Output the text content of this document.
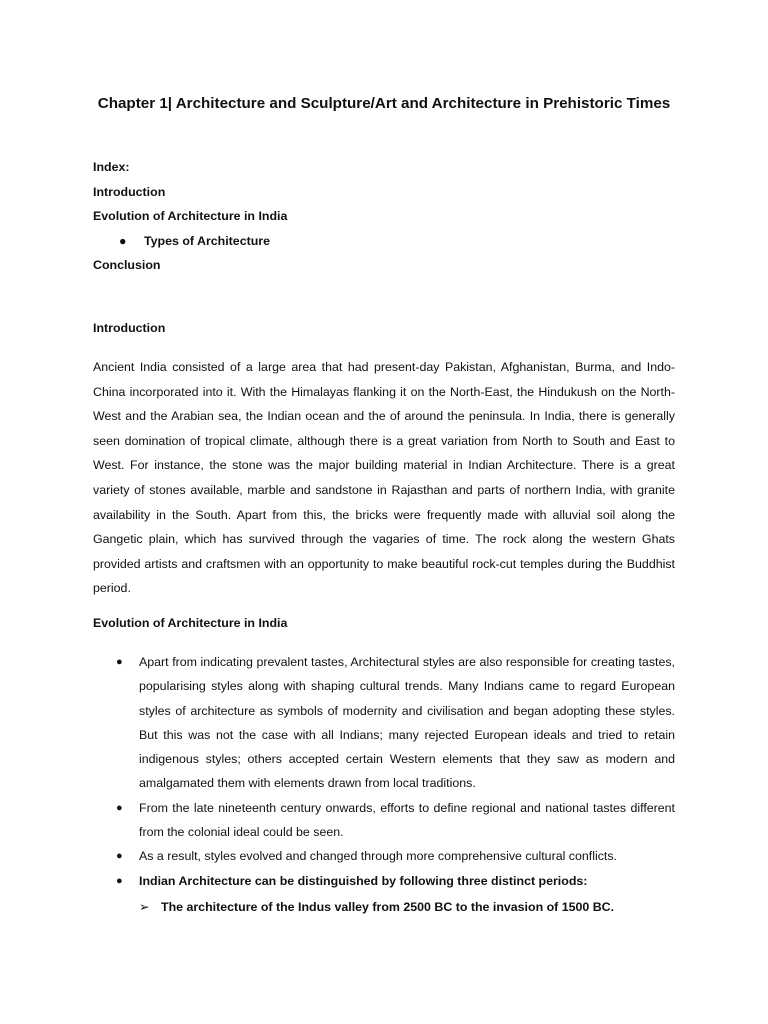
Chapter 1| Architecture and Sculpture/Art and Architecture in Prehistoric Times
Index:
Introduction
Evolution of Architecture in India
● Types of Architecture
Conclusion
Introduction

Ancient India consisted of a large area that had present-day Pakistan, Afghanistan, Burma, and Indo-China incorporated into it. With the Himalayas flanking it on the North-East, the Hindukush on the North-West and the Arabian sea, the Indian ocean and the of around the peninsula. In India, there is generally seen domination of tropical climate, although there is a great variation from North to South and East to West. For instance, the stone was the major building material in Indian Architecture. There is a great variety of stones available, marble and sandstone in Rajasthan and parts of northern India, with granite availability in the South. Apart from this, the bricks were frequently made with alluvial soil along the Gangetic plain, which has survived through the vagaries of time. The rock along the western Ghats provided artists and craftsmen with an opportunity to make beautiful rock-cut temples during the Buddhist period.

Evolution of Architecture in India
● Apart from indicating prevalent tastes, Architectural styles are also responsible for creating tastes, popularising styles along with shaping cultural trends. Many Indians came to regard European styles of architecture as symbols of modernity and civilisation and began adopting these styles. But this was not the case with all Indians; many rejected European ideals and tried to retain indigenous styles; others accepted certain Western elements that they saw as modern and amalgamated them with elements drawn from local traditions.
● From the late nineteenth century onwards, efforts to define regional and national tastes different from the colonial ideal could be seen.
● As a result, styles evolved and changed through more comprehensive cultural conflicts.
● Indian Architecture can be distinguished by following three distinct periods:
➢ The architecture of the Indus valley from 2500 BC to the invasion of 1500 BC.
